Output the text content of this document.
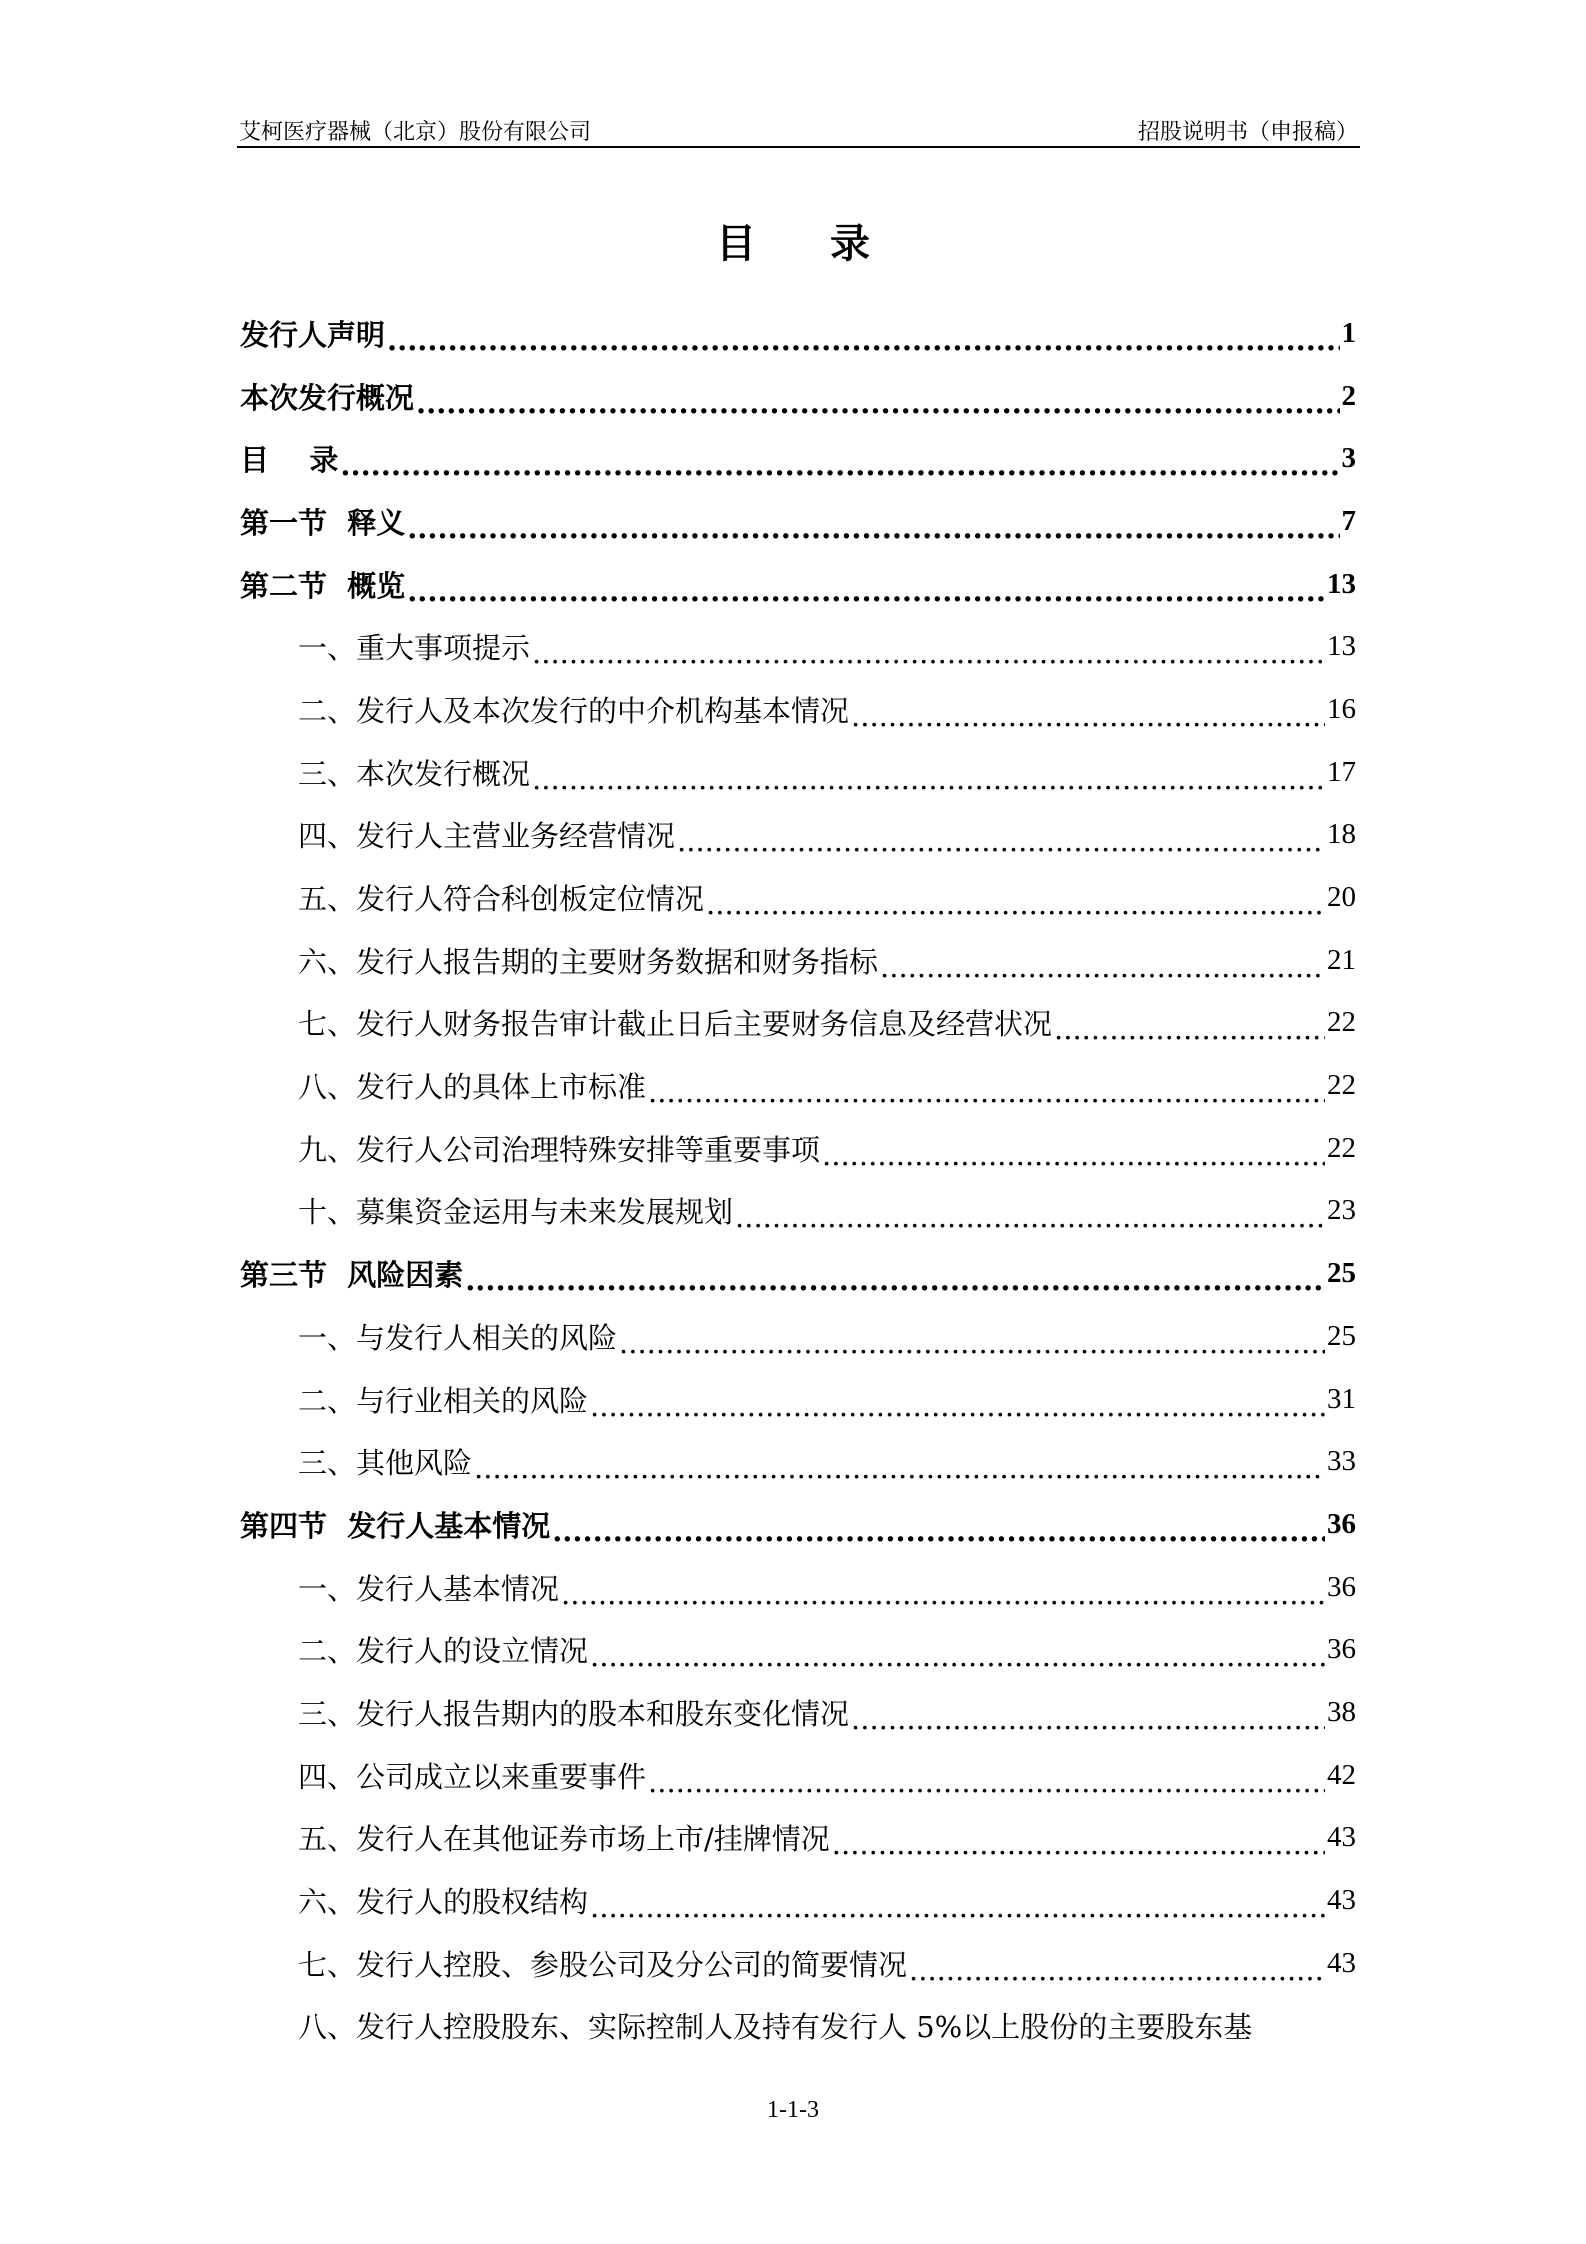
艾柯医疗器械（北京）股份有限公司	招股说明书（申报稿）
目 录
发行人声明 .....	1
本次发行概况 .....	2
目    录 .....	3
第一节  释义 .....	7
第二节  概览 .....	13
一、重大事项提示 .....	13
二、发行人及本次发行的中介机构基本情况 .....	16
三、本次发行概况 .....	17
四、发行人主营业务经营情况 .....	18
五、发行人符合科创板定位情况 .....	20
六、发行人报告期的主要财务数据和财务指标 .....	21
七、发行人财务报告审计截止日后主要财务信息及经营状况 .....	22
八、发行人的具体上市标准 .....	22
九、发行人公司治理特殊安排等重要事项 .....	22
十、募集资金运用与未来发展规划 .....	23
第三节  风险因素 .....	25
一、与发行人相关的风险 .....	25
二、与行业相关的风险 .....	31
三、其他风险 .....	33
第四节  发行人基本情况 .....	36
一、发行人基本情况 .....	36
二、发行人的设立情况 .....	36
三、发行人报告期内的股本和股东变化情况 .....	38
四、公司成立以来重要事件 .....	42
五、发行人在其他证券市场上市/挂牌情况 .....	43
六、发行人的股权结构 .....	43
七、发行人控股、参股公司及分公司的简要情况 .....	43
八、发行人控股股东、实际控制人及持有发行人 5%以上股份的主要股东基
1-1-3
